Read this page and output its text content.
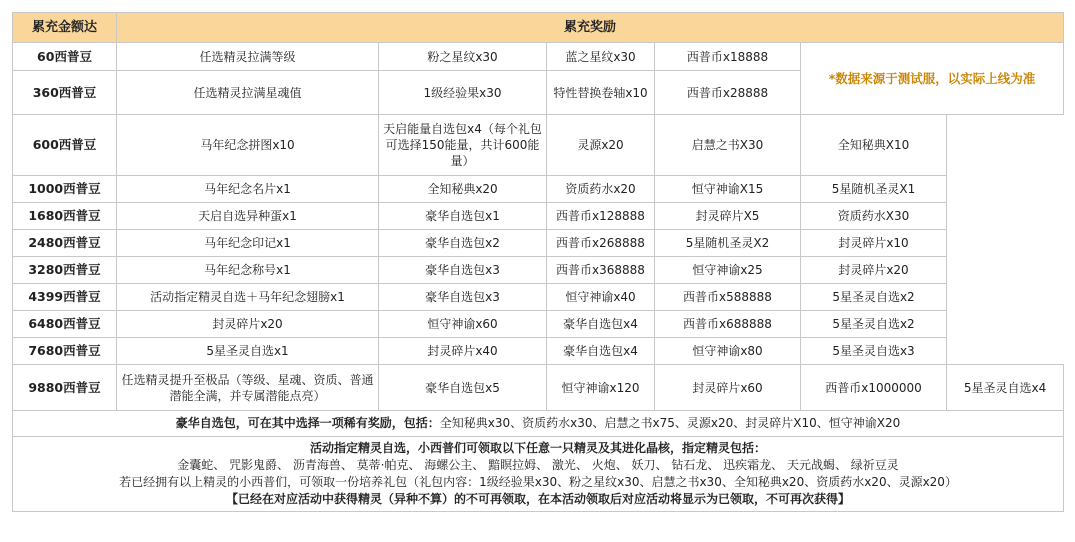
累充金额达	累充奖励					
60西普豆	任选精灵拉满等级	粉之星纹x30	蓝之星纹x30	西普币x18888	*数据来源于测试服，以实际上线为准	
360西普豆	任选精灵拉满星魂值	1级经验果x30	特性替换卷轴x10	西普币x28888		
600西普豆	马年纪念拼图x10	天启能量自选包x4（每个礼包可选择150能量，共计600能量）	灵源x20	启慧之书X30	全知秘典X10	
1000西普豆	马年纪念名片x1	全知秘典x20	资质药水x20	恒守神谕X15	5星随机圣灵X1	
1680西普豆	天启自选异种蛋x1	豪华自选包x1	西普币x128888	封灵碎片X5	资质药水X30	
2480西普豆	马年纪念印记x1	豪华自选包x2	西普币x268888	5星随机圣灵X2	封灵碎片x10	
3280西普豆	马年纪念称号x1	豪华自选包x3	西普币x368888	恒守神谕x25	封灵碎片x20	
4399西普豆	活动指定精灵自选＋马年纪念翅膀x1	豪华自选包x3	恒守神谕x40	西普币x588888	5星圣灵自选x2	
6480西普豆	封灵碎片x20	恒守神谕x60	豪华自选包x4	西普币x688888	5星圣灵自选x2	
7680西普豆	5星圣灵自选x1	封灵碎片x40	豪华自选包x4	恒守神谕x80	5星圣灵自选x3	
9880西普豆	任选精灵提升至极品（等级、星魂、资质、普通潜能全满，并专属潜能点亮）	豪华自选包x5	恒守神谕x120	封灵碎片x60	西普币x1000000	5星圣灵自选x4
豪华自选包，可在其中选择一项稀有奖励，包括：全知秘典x30、资质药水x30、启慧之书x75、灵源x20、封灵碎片X10、恒守神谕X20						

活动指定精灵自选，小西普们可领取以下任意一只精灵及其进化晶核，指定精灵包括：
金囊蛇、 咒影鬼爵、 沥青海兽、 莫蒂·帕克、 海螺公主、 黯瞑拉姆、 激光、 火炮、 妖刀、 钻石龙、 迅疾霜龙、 天元战蝎、 绿祈豆灵
若已经拥有以上精灵的小西普们，可领取一份培养礼包（礼包内容：1级经验果x30、粉之星纹x30、启慧之书x30、全知秘典x20、资质药水x20、灵源x20）
【已经在对应活动中获得精灵（异种不算）的不可再领取，在本活动领取后对应活动将显示为已领取，不可再次获得】						
